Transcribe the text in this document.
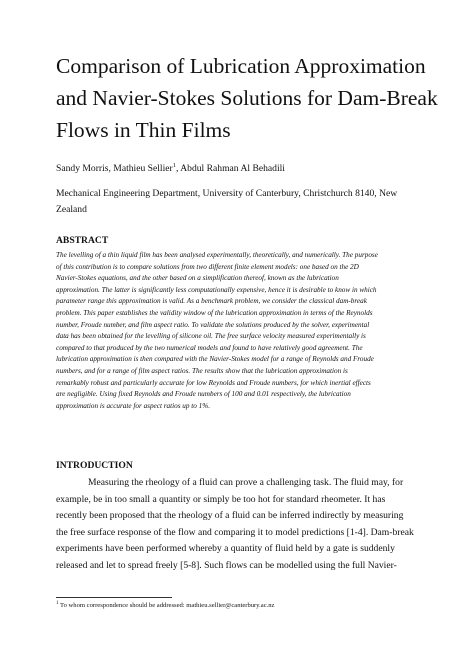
Comparison of Lubrication Approximation
and Navier-Stokes Solutions for Dam-Break
Flows in Thin Films
Sandy Morris, Mathieu Sellier$^1$, Abdul Rahman Al Behadili
Mechanical Engineering Department, University of Canterbury, Christchurch 8140, New
Zealand
ABSTRACT
The levelling of a thin liquid film has been analysed experimentally, theoretically, and numerically. The purpose
of this contribution is to compare solutions from two different finite element models: one based on the 2D
Navier-Stokes equations, and the other based on a simplification thereof, known as the lubrication
approximation. The latter is significantly less computationally expensive, hence it is desirable to know in which
parameter range this approximation is valid. As a benchmark problem, we consider the classical dam-break
problem. This paper establishes the validity window of the lubrication approximation in terms of the Reynolds
number, Froude number, and film aspect ratio. To validate the solutions produced by the solver, experimental
data has been obtained for the levelling of silicone oil. The free surface velocity measured experimentally is
compared to that produced by the two numerical models and found to have relatively good agreement. The
lubrication approximation is then compared with the Navier-Stokes model for a range of Reynolds and Froude
numbers, and for a range of film aspect ratios. The results show that the lubrication approximation is
remarkably robust and particularly accurate for low Reynolds and Froude numbers, for which inertial effects
are negligible. Using fixed Reynolds and Froude numbers of 100 and 0.01 respectively, the lubrication
approximation is accurate for aspect ratios up to 1%.
INTRODUCTION
Measuring the rheology of a fluid can prove a challenging task. The fluid may, for
example, be in too small a quantity or simply be too hot for standard rheometer. It has
recently been proposed that the rheology of a fluid can be inferred indirectly by measuring
the free surface response of the flow and comparing it to model predictions [1-4]. Dam-break
experiments have been performed whereby a quantity of fluid held by a gate is suddenly
released and let to spread freely [5-8]. Such flows can be modelled using the full Navier-
$^1$ To whom correspondence should be addressed: mathieu.sellier@canterbury.ac.nz
